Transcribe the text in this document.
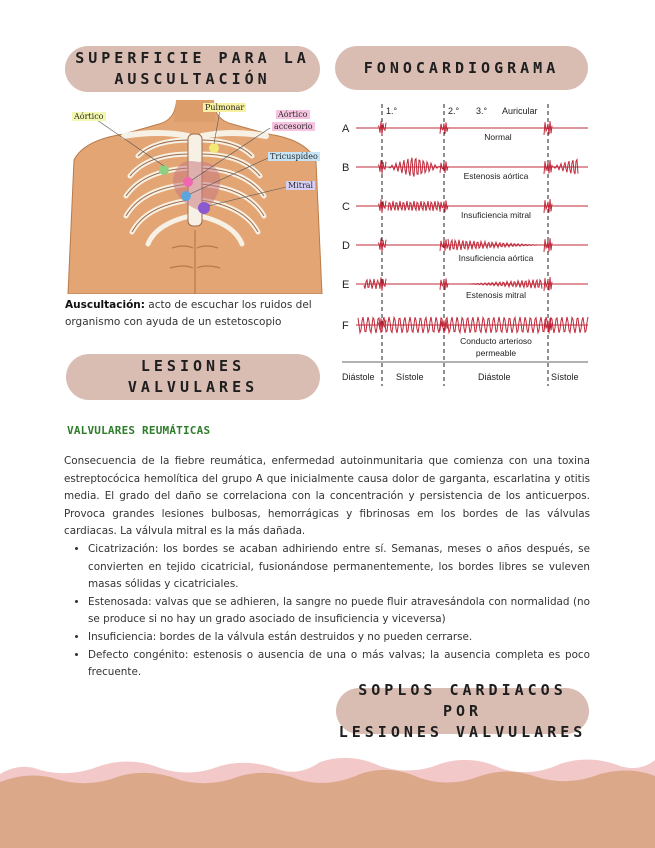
SUPERFICIE PARA LA
AUSCULTACIÓN
FONOCARDIOGRAMA
LESIONES
VALVULARES
SOPLOS CARDIACOS POR
LESIONES VALVULARES
Aórtico
Pulmonar
Aórtico
accesorio
Tricuspídeo
Mitral
Auscultación: acto de escuchar los ruidos del organismo con ayuda de un estetoscopio
1.°	2.° 3.° Auricular
A
B
C
D
E
F
Normal
Estenosis aórtica
Insuficiencia mitral
Insuficiencia aórtica
Estenosis mitral
Conducto arterioso
permeable
Diástole Sístole	Diástole	Sístole
VALVULARES REUMÁTICAS

Consecuencia de la fiebre reumática, enfermedad autoinmunitaria que comienza con una toxina estreptocócica hemolítica del grupo A que inicialmente causa dolor de garganta, escarlatina y otitis media. El grado del daño se correlaciona con la concentración y persistencia de los anticuerpos. Provoca grandes lesiones bulbosas, hemorrágicas y fibrinosas em los bordes de las válvulas cardiacas. La válvula mitral es la más dañada.

• Cicatrización: los bordes se acaban adhiriendo entre sí. Semanas, meses o años después, se convierten en tejido cicatricial, fusionándose permanentemente, los bordes libres se vuleven masas sólidas y cicatriciales.
• Estenosada: valvas que se adhieren, la sangre no puede fluir atravesándola con normalidad (no se produce si no hay un grado asociado de insuficiencia y viceversa)
• Insuficiencia: bordes de la válvula están destruidos y no pueden cerrarse.
• Defecto congénito: estenosis o ausencia de una o más valvas; la ausencia completa es poco frecuente.
